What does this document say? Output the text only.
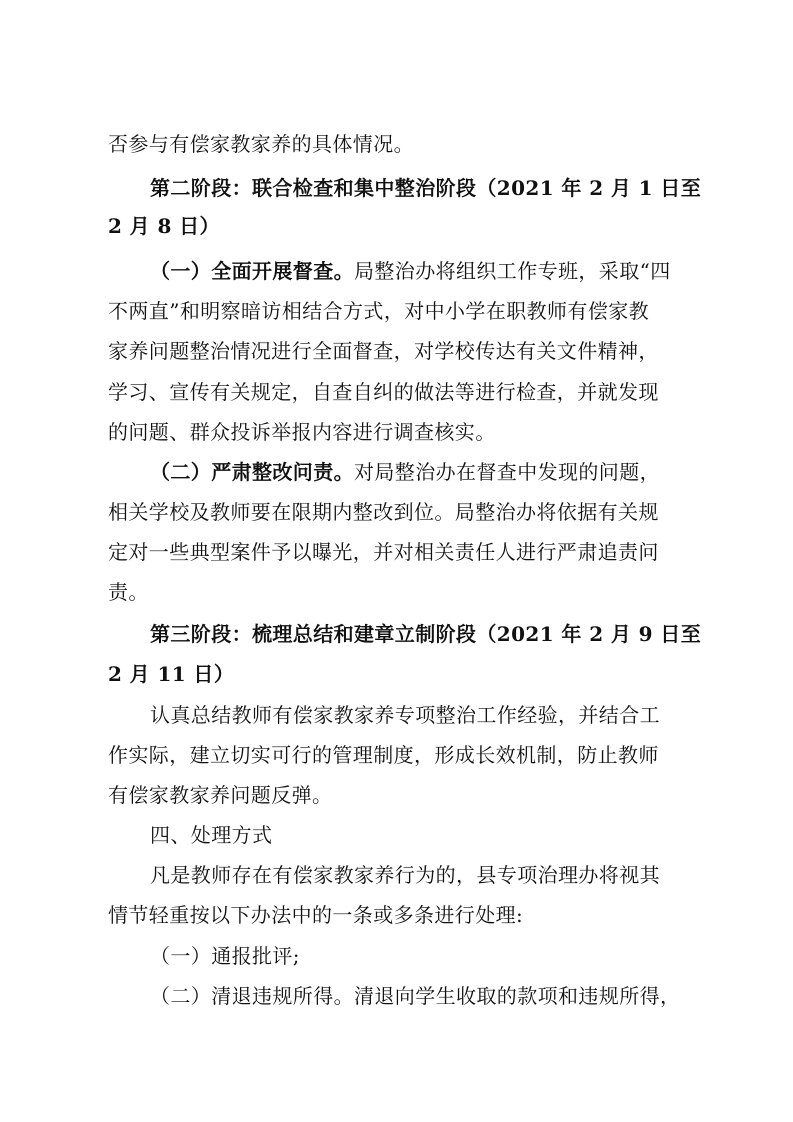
否参与有偿家教家养的具体情况。
第二阶段：联合检查和集中整治阶段（2021 年 2 月 1 日至
2 月 8 日）
（一）全面开展督查。局整治办将组织工作专班，采取“四
不两直”和明察暗访相结合方式，对中小学在职教师有偿家教
家养问题整治情况进行全面督查，对学校传达有关文件精神，
学习、宣传有关规定，自查自纠的做法等进行检查，并就发现
的问题、群众投诉举报内容进行调查核实。
（二）严肃整改问责。对局整治办在督查中发现的问题，
相关学校及教师要在限期内整改到位。局整治办将依据有关规
定对一些典型案件予以曝光，并对相关责任人进行严肃追责问
责。
第三阶段：梳理总结和建章立制阶段（2021 年 2 月 9 日至
2 月 11 日）
认真总结教师有偿家教家养专项整治工作经验，并结合工
作实际，建立切实可行的管理制度，形成长效机制，防止教师
有偿家教家养问题反弹。
四、处理方式
凡是教师存在有偿家教家养行为的，县专项治理办将视其
情节轻重按以下办法中的一条或多条进行处理:
（一）通报批评;
（二）清退违规所得。清退向学生收取的款项和违规所得，
